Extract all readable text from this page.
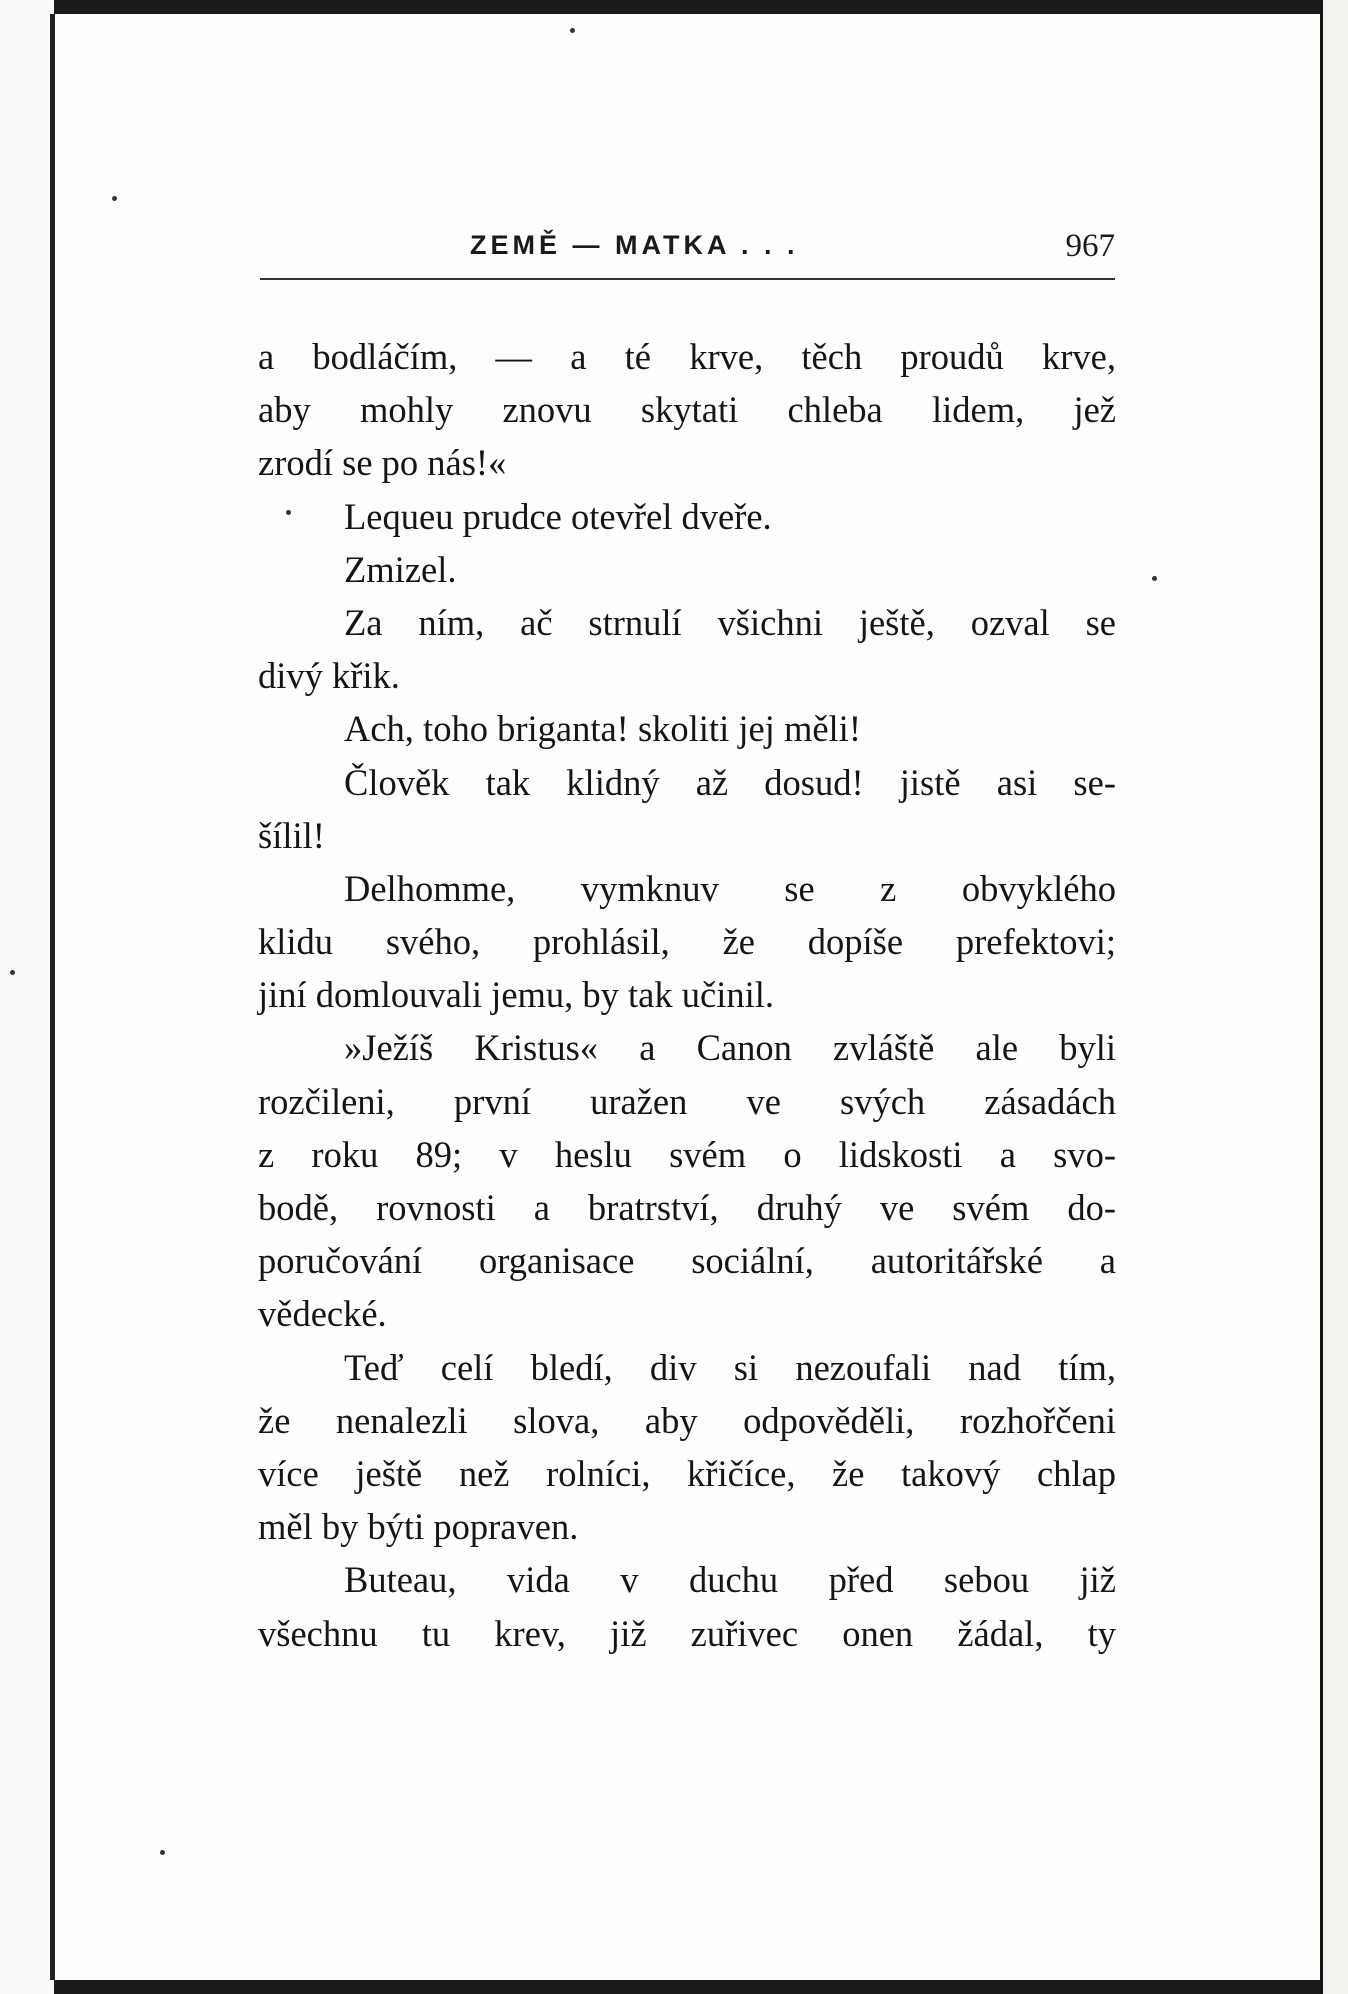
ZEMĚ — MATKA . . .	967
a bodláčím, — a té krve, těch proudů krve,
aby mohly znovu skytati chleba lidem, jež
zrodí se po nás!«
Lequeu prudce otevřel dveře.
Zmizel.
Za ním, ač strnulí všichni ještě, ozval se
divý křik.
Ach, toho briganta! skoliti jej měli!
Člověk tak klidný až dosud! jistě asi se-
šílil!
Delhomme, vymknuv se z obvyklého
klidu svého, prohlásil, že dopíše prefektovi;
jiní domlouvali jemu, by tak učinil.
»Ježíš Kristus« a Canon zvláště ale byli
rozčileni, první uražen ve svých zásadách
z roku 89; v heslu svém o lidskosti a svo-
bodě, rovnosti a bratrství, druhý ve svém do-
poručování organisace sociální, autoritářské a
vědecké.
Teď celí bledí, div si nezoufali nad tím,
že nenalezli slova, aby odpověděli, rozhořčeni
více ještě než rolníci, křičíce, že takový chlap
měl by býti popraven.
Buteau, vida v duchu před sebou již
všechnu tu krev, již zuřivec onen žádal, ty
